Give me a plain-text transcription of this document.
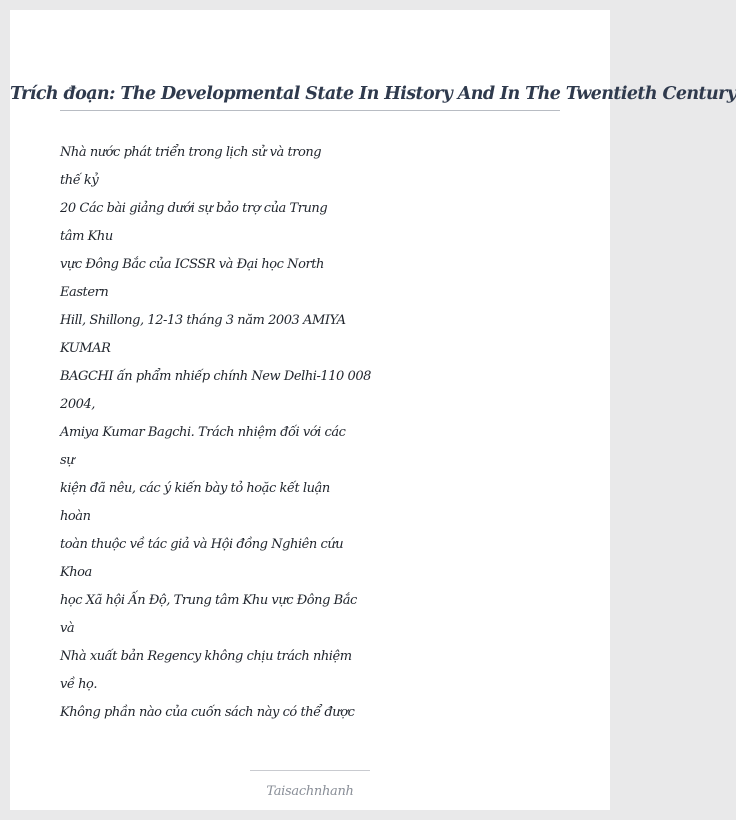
Trích đoạn: The Developmental State In History And In The Twentieth Century
Nhà nước phát triển trong lịch sử và trong
thế kỷ
20 Các bài giảng dưới sự bảo trợ của Trung
tâm Khu
vực Đông Bắc của ICSSR và Đại học North
Eastern
Hill, Shillong, 12-13 tháng 3 năm 2003 AMIYA
KUMAR
BAGCHI ấn phẩm nhiếp chính New Delhi-110 008
2004,
Amiya Kumar Bagchi. Trách nhiệm đối với các
sự
kiện đã nêu, các ý kiến bày tỏ hoặc kết luận
hoàn
toàn thuộc về tác giả và Hội đồng Nghiên cứu
Khoa
học Xã hội Ấn Độ, Trung tâm Khu vực Đông Bắc
và
Nhà xuất bản Regency không chịu trách nhiệm
về họ.
Không phần nào của cuốn sách này có thể được
Taisachnhanh
